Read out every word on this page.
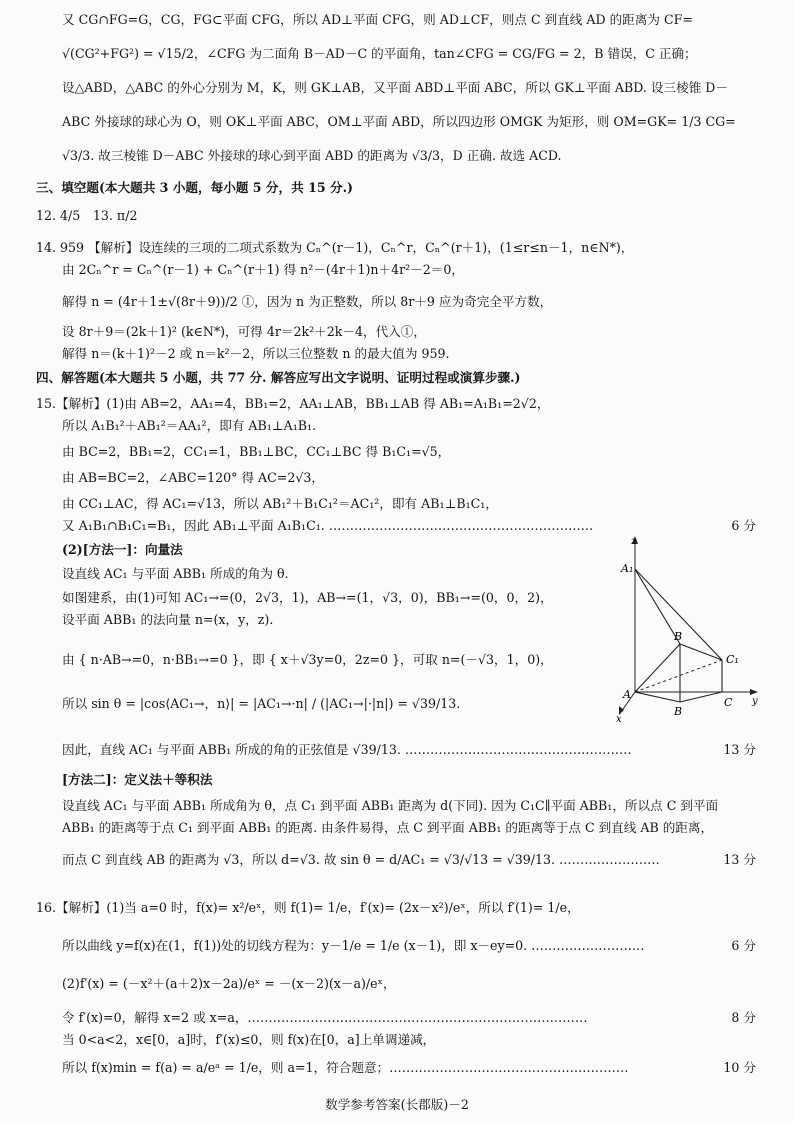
又 CG∩FG=G，CG，FG⊂平面 CFG，所以 AD⊥平面 CFG，则 AD⊥CF，则点 C 到直线 AD 的距离为 CF=
√(CG²+FG²) = √15/2，∠CFG 为二面角 B－AD－C 的平面角，tan∠CFG = CG/FG = 2，B 错误，C 正确；
设△ABD，△ABC 的外心分别为 M，K，则 GK⊥AB，又平面 ABD⊥平面 ABC，所以 GK⊥平面 ABD. 设三棱锥 D－
ABC 外接球的球心为 O，则 OK⊥平面 ABC，OM⊥平面 ABD，所以四边形 OMGK 为矩形，则 OM=GK= 1/3 CG=
√3/3. 故三棱锥 D－ABC 外接球的球心到平面 ABD 的距离为 √3/3，D 正确. 故选 ACD.
三、填空题(本大题共 3 小题，每小题 5 分，共 15 分.)
12. 4/5　13. π/2
14. 959 【解析】设连续的三项的二项式系数为 Cₙ^(r－1)，Cₙ^r，Cₙ^(r＋1)，(1≤r≤n－1，n∈N*)，
由 2Cₙ^r = Cₙ^(r－1) + Cₙ^(r＋1) 得 n²－(4r＋1)n＋4r²－2＝0，
解得 n = (4r＋1±√(8r＋9))/2 ①，因为 n 为正整数，所以 8r＋9 应为奇完全平方数，
设 8r＋9＝(2k＋1)² (k∈N*)，可得 4r＝2k²＋2k－4，代入①，
解得 n＝(k＋1)²－2 或 n＝k²－2，所以三位整数 n 的最大值为 959.
四、解答题(本大题共 5 小题，共 77 分. 解答应写出文字说明、证明过程或演算步骤.)
15.【解析】(1)由 AB=2，AA₁=4，BB₁=2，AA₁⊥AB，BB₁⊥AB 得 AB₁=A₁B₁=2√2，
所以 A₁B₁²＋AB₁²＝AA₁²，即有 AB₁⊥A₁B₁.
由 BC=2，BB₁=2，CC₁=1，BB₁⊥BC，CC₁⊥BC 得 B₁C₁=√5，
由 AB=BC=2，∠ABC=120° 得 AC=2√3，
由 CC₁⊥AC，得 AC₁=√13，所以 AB₁²＋B₁C₁²＝AC₁²，即有 AB₁⊥B₁C₁，
又 A₁B₁∩B₁C₁=B₁，因此 AB₁⊥平面 A₁B₁C₁. ………………………………………………………	6 分
(2)[方法一]：向量法
设直线 AC₁ 与平面 ABB₁ 所成的角为 θ.
如图建系，由(1)可知 AC₁→=(0，2√3，1)，AB→=(1，√3，0)，BB₁→=(0，0，2)，
设平面 ABB₁ 的法向量 n=(x，y，z).
由 { n·AB→=0，n·BB₁→=0 }，即 { x＋√3y=0，2z=0 }，可取 n=(－√3，1，0)，
所以 sin θ = |cos⟨AC₁→，n⟩| = |AC₁→·n| / (|AC₁→|·|n|) = √39/13.
因此，直线 AC₁ 与平面 ABB₁ 所成的角的正弦值是 √39/13. ………………………………………………	13 分
[方法二]：定义法＋等积法
设直线 AC₁ 与平面 ABB₁ 所成角为 θ，点 C₁ 到平面 ABB₁ 距离为 d(下同). 因为 C₁C∥平面 ABB₁，所以点 C 到平面
ABB₁ 的距离等于点 C₁ 到平面 ABB₁ 的距离. 由条件易得，点 C 到平面 ABB₁ 的距离等于点 C 到直线 AB 的距离，
而点 C 到直线 AB 的距离为 √3，所以 d=√3. 故 sin θ = d/AC₁ = √3/√13 = √39/13. ……………………	13 分
16.【解析】(1)当 a=0 时，f(x)= x²/eˣ，则 f(1)= 1/e，f′(x)= (2x－x²)/eˣ，所以 f′(1)= 1/e，
所以曲线 y=f(x)在(1，f(1))处的切线方程为：y－1/e = 1/e (x－1)，即 x－ey=0. ………………………	6 分
(2)f′(x) = (－x²＋(a＋2)x－2a)/eˣ = －(x－2)(x－a)/eˣ，
令 f′(x)=0，解得 x=2 或 x=a，………………………………………………………………………	8 分
当 0<a<2，x∈[0，a]时，f′(x)≤0，则 f(x)在[0，a]上单调递减，
所以 f(x)min = f(a) = a/eᵃ = 1/e，则 a=1，符合题意；…………………………………………………	10 分
z
y
x
A₁
B
C₁
A
B
C
数学参考答案(长郡版)－2
